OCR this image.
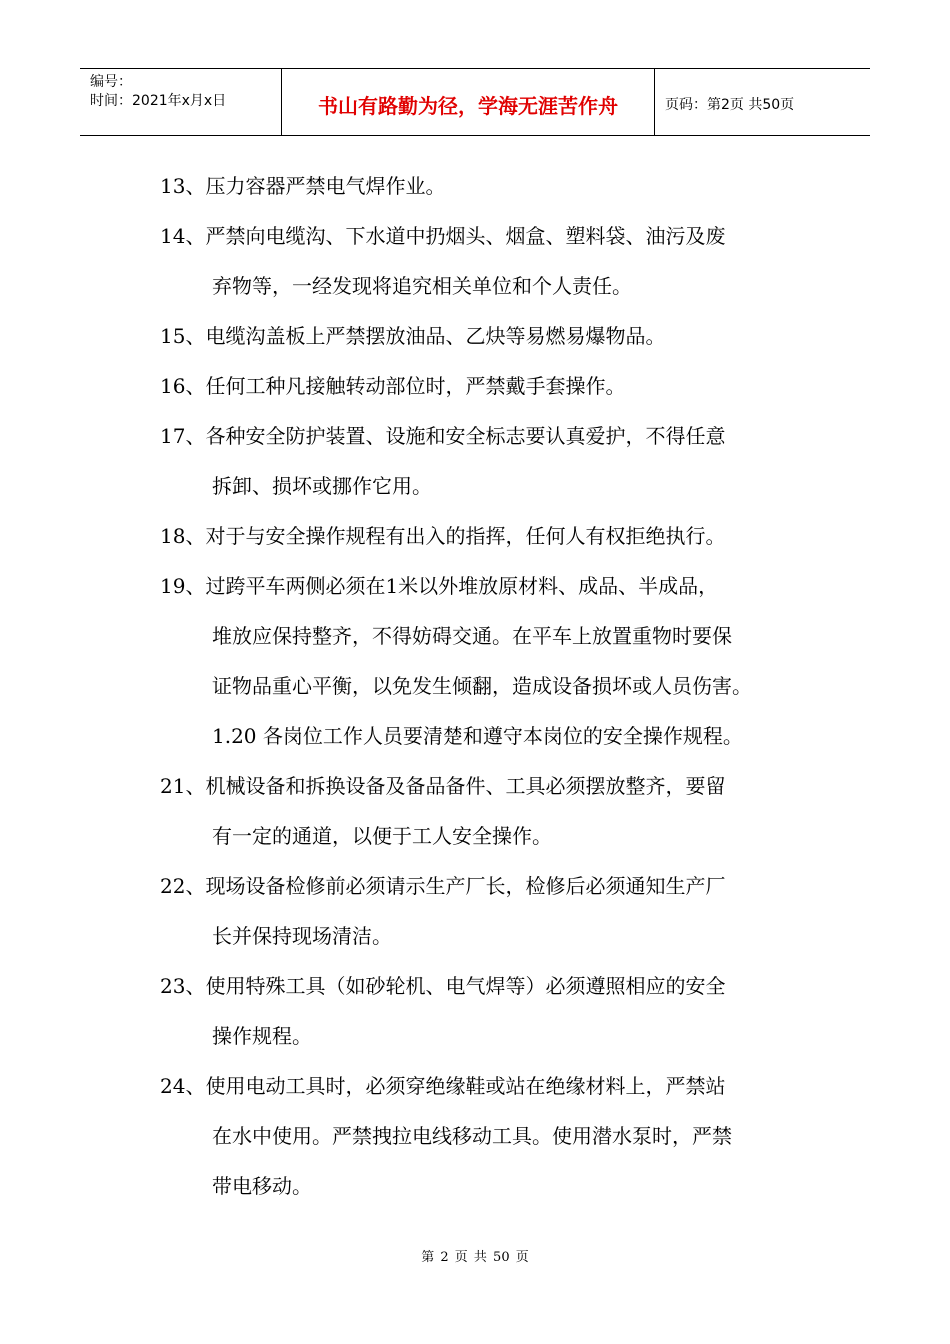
编号：
时间：2021年x月x日	书山有路勤为径，学海无涯苦作舟	页码：第2页 共50页
13、压力容器严禁电气焊作业。
14、严禁向电缆沟、下水道中扔烟头、烟盒、塑料袋、油污及废
弃物等，一经发现将追究相关单位和个人责任。
15、电缆沟盖板上严禁摆放油品、乙炔等易燃易爆物品。
16、任何工种凡接触转动部位时，严禁戴手套操作。
17、各种安全防护装置、设施和安全标志要认真爱护，不得任意
拆卸、损坏或挪作它用。
18、对于与安全操作规程有出入的指挥，任何人有权拒绝执行。
19、过跨平车两侧必须在1米以外堆放原材料、成品、半成品，
堆放应保持整齐，不得妨碍交通。在平车上放置重物时要保
证物品重心平衡，以免发生倾翻，造成设备损坏或人员伤害。
1.20 各岗位工作人员要清楚和遵守本岗位的安全操作规程。
21、机械设备和拆换设备及备品备件、工具必须摆放整齐，要留
有一定的通道，以便于工人安全操作。
22、现场设备检修前必须请示生产厂长，检修后必须通知生产厂
长并保持现场清洁。
23、使用特殊工具（如砂轮机、电气焊等）必须遵照相应的安全
操作规程。
24、使用电动工具时，必须穿绝缘鞋或站在绝缘材料上，严禁站
在水中使用。严禁拽拉电线移动工具。使用潜水泵时，严禁
带电移动。
第 2 页 共 50 页
